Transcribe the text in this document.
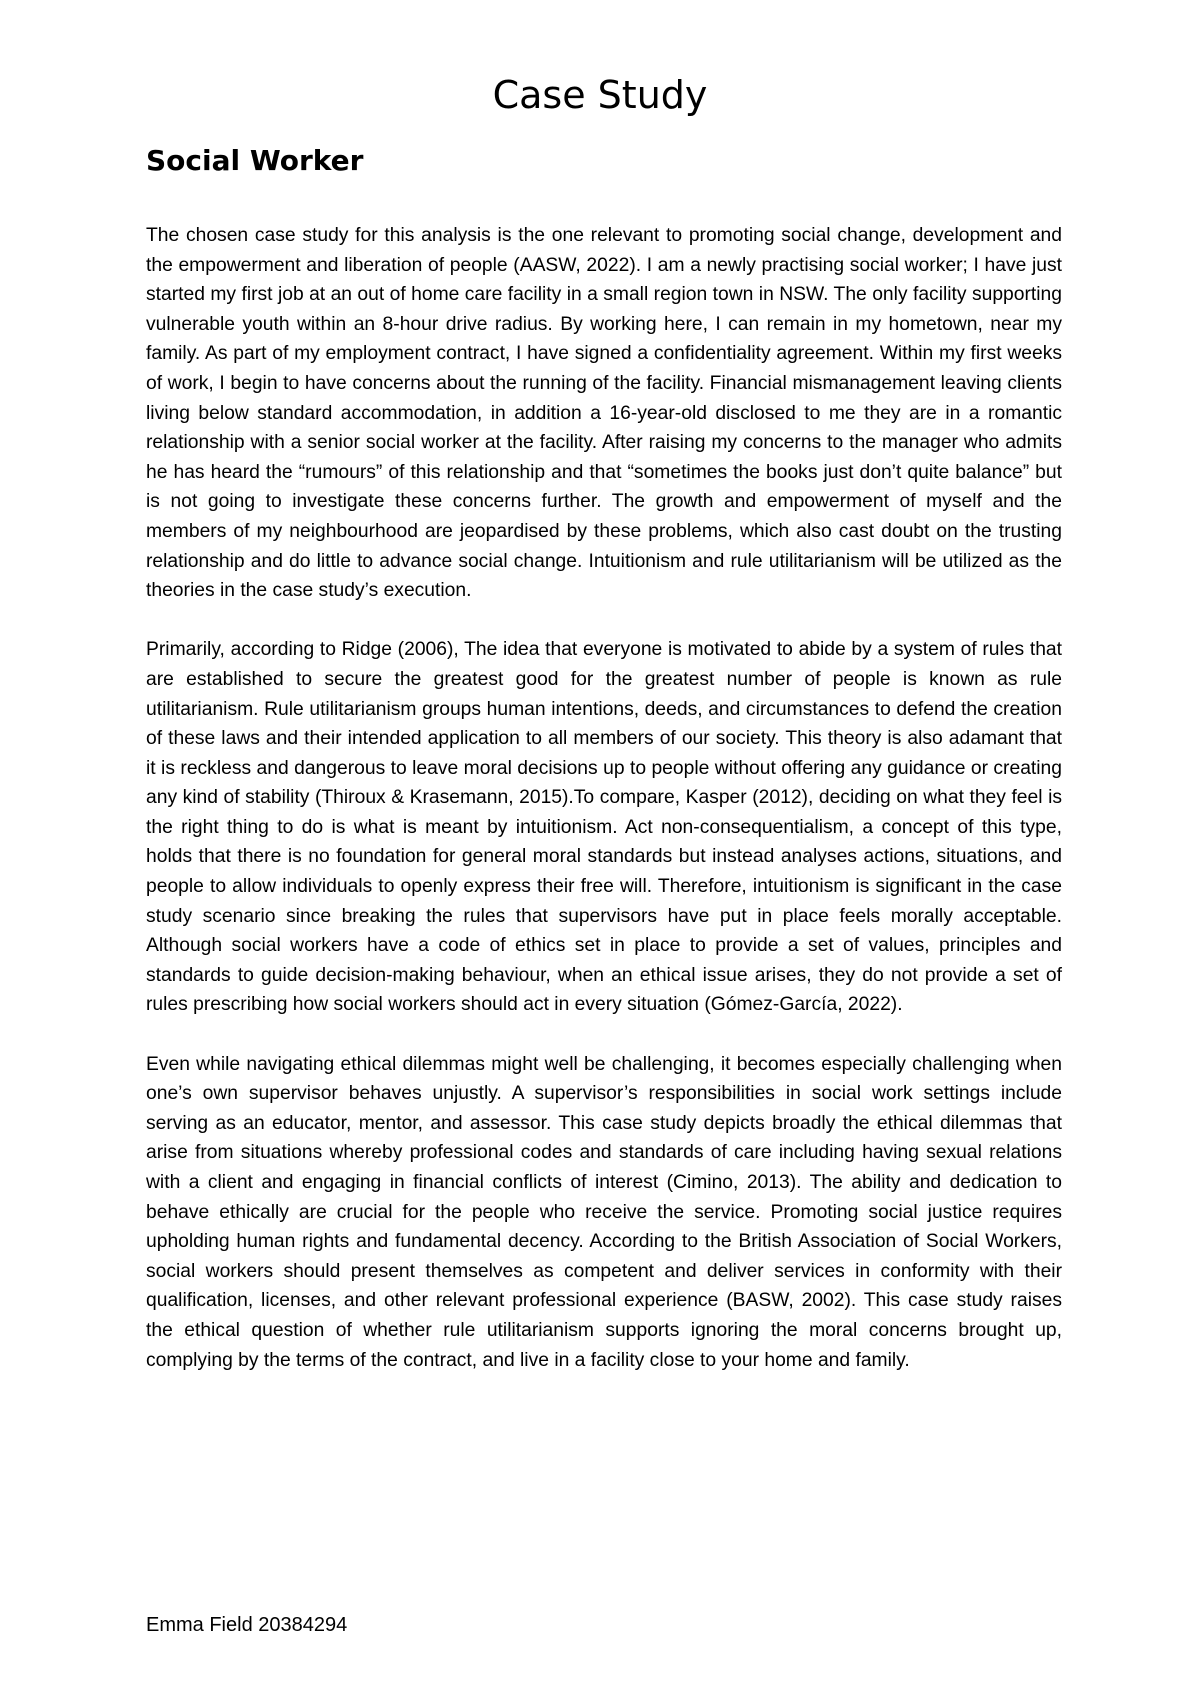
Case Study
Social Worker

The chosen case study for this analysis is the one relevant to promoting social change, development and the empowerment and liberation of people (AASW, 2022). I am a newly practising social worker; I have just started my first job at an out of home care facility in a small region town in NSW. The only facility supporting vulnerable youth within an 8-hour drive radius. By working here, I can remain in my hometown, near my family. As part of my employment contract, I have signed a confidentiality agreement. Within my first weeks of work, I begin to have concerns about the running of the facility. Financial mismanagement leaving clients living below standard accommodation, in addition a 16-year-old disclosed to me they are in a romantic relationship with a senior social worker at the facility. After raising my concerns to the manager who admits he has heard the “rumours” of this relationship and that “sometimes the books just don’t quite balance” but is not going to investigate these concerns further. The growth and empowerment of myself and the members of my neighbourhood are jeopardised by these problems, which also cast doubt on the trusting relationship and do little to advance social change. Intuitionism and rule utilitarianism will be utilized as the theories in the case study’s execution.

Primarily, according to Ridge (2006), The idea that everyone is motivated to abide by a system of rules that are established to secure the greatest good for the greatest number of people is known as rule utilitarianism. Rule utilitarianism groups human intentions, deeds, and circumstances to defend the creation of these laws and their intended application to all members of our society. This theory is also adamant that it is reckless and dangerous to leave moral decisions up to people without offering any guidance or creating any kind of stability (Thiroux & Krasemann, 2015).To compare, Kasper (2012), deciding on what they feel is the right thing to do is what is meant by intuitionism. Act non-consequentialism, a concept of this type, holds that there is no foundation for general moral standards but instead analyses actions, situations, and people to allow individuals to openly express their free will. Therefore, intuitionism is significant in the case study scenario since breaking the rules that supervisors have put in place feels morally acceptable. Although social workers have a code of ethics set in place to provide a set of values, principles and standards to guide decision-making behaviour, when an ethical issue arises, they do not provide a set of rules prescribing how social workers should act in every situation (Gómez-García, 2022).

Even while navigating ethical dilemmas might well be challenging, it becomes especially challenging when one’s own supervisor behaves unjustly. A supervisor’s responsibilities in social work settings include serving as an educator, mentor, and assessor. This case study depicts broadly the ethical dilemmas that arise from situations whereby professional codes and standards of care including having sexual relations with a client and engaging in financial conflicts of interest (Cimino, 2013). The ability and dedication to behave ethically are crucial for the people who receive the service. Promoting social justice requires upholding human rights and fundamental decency. According to the British Association of Social Workers, social workers should present themselves as competent and deliver services in conformity with their qualification, licenses, and other relevant professional experience (BASW, 2002). This case study raises the ethical question of whether rule utilitarianism supports ignoring the moral concerns brought up, complying by the terms of the contract, and live in a facility close to your home and family.

Emma Field 20384294
